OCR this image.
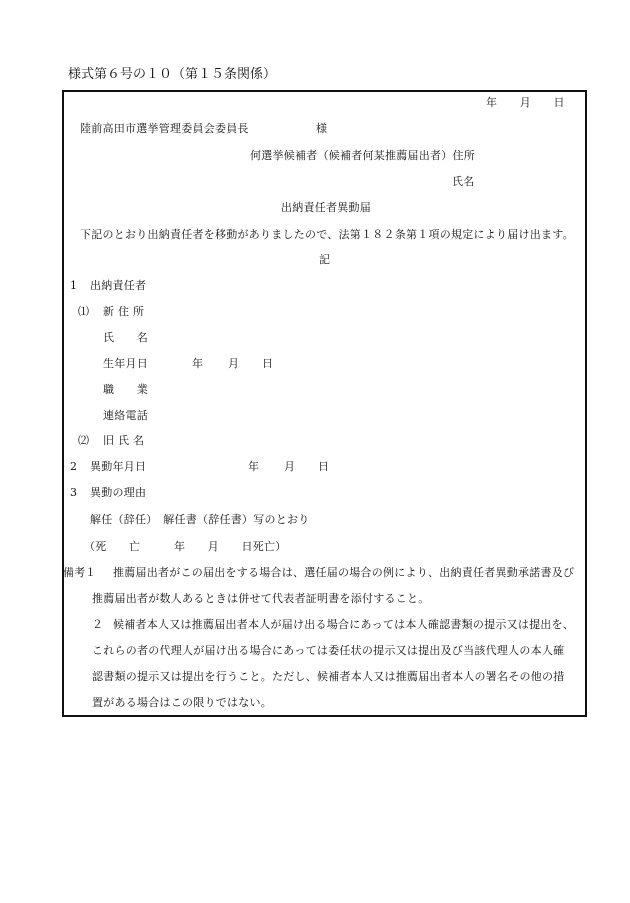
様式第６号の１０（第１５条関係）
年　　月　　日
陸前高田市選挙管理委員会委員長	様
何選挙候補者（候補者何某推薦届出者）住所
氏名
出納責任者異動届
下記のとおり出納責任者を移動がありましたので、法第１８２条第１項の規定により届け出ます。
記
1 出納責任者
⑴ 新 住 所
氏　　名
生年月日	年 月 日
職　　業
連絡電話
⑵ 旧 氏 名
2 異動年月日	年 月 日
3 異動の理由
解任（辞任）　解任書（辞任書）写のとおり
（死　　亡　　　年　　月　　日死亡）
備考 １ 推薦届出者がこの届出をする場合は、選任届の場合の例により、出納責任者異動承諾書及び
推薦届出者が数人あるときは併せて代表者証明書を添付すること。
２ 候補者本人又は推薦届出者本人が届け出る場合にあっては本人確認書類の提示又は提出を、
これらの者の代理人が届け出る場合にあっては委任状の提示又は提出及び当該代理人の本人確
認書類の提示又は提出を行うこと。ただし、候補者本人又は推薦届出者本人の署名その他の措
置がある場合はこの限りではない。
